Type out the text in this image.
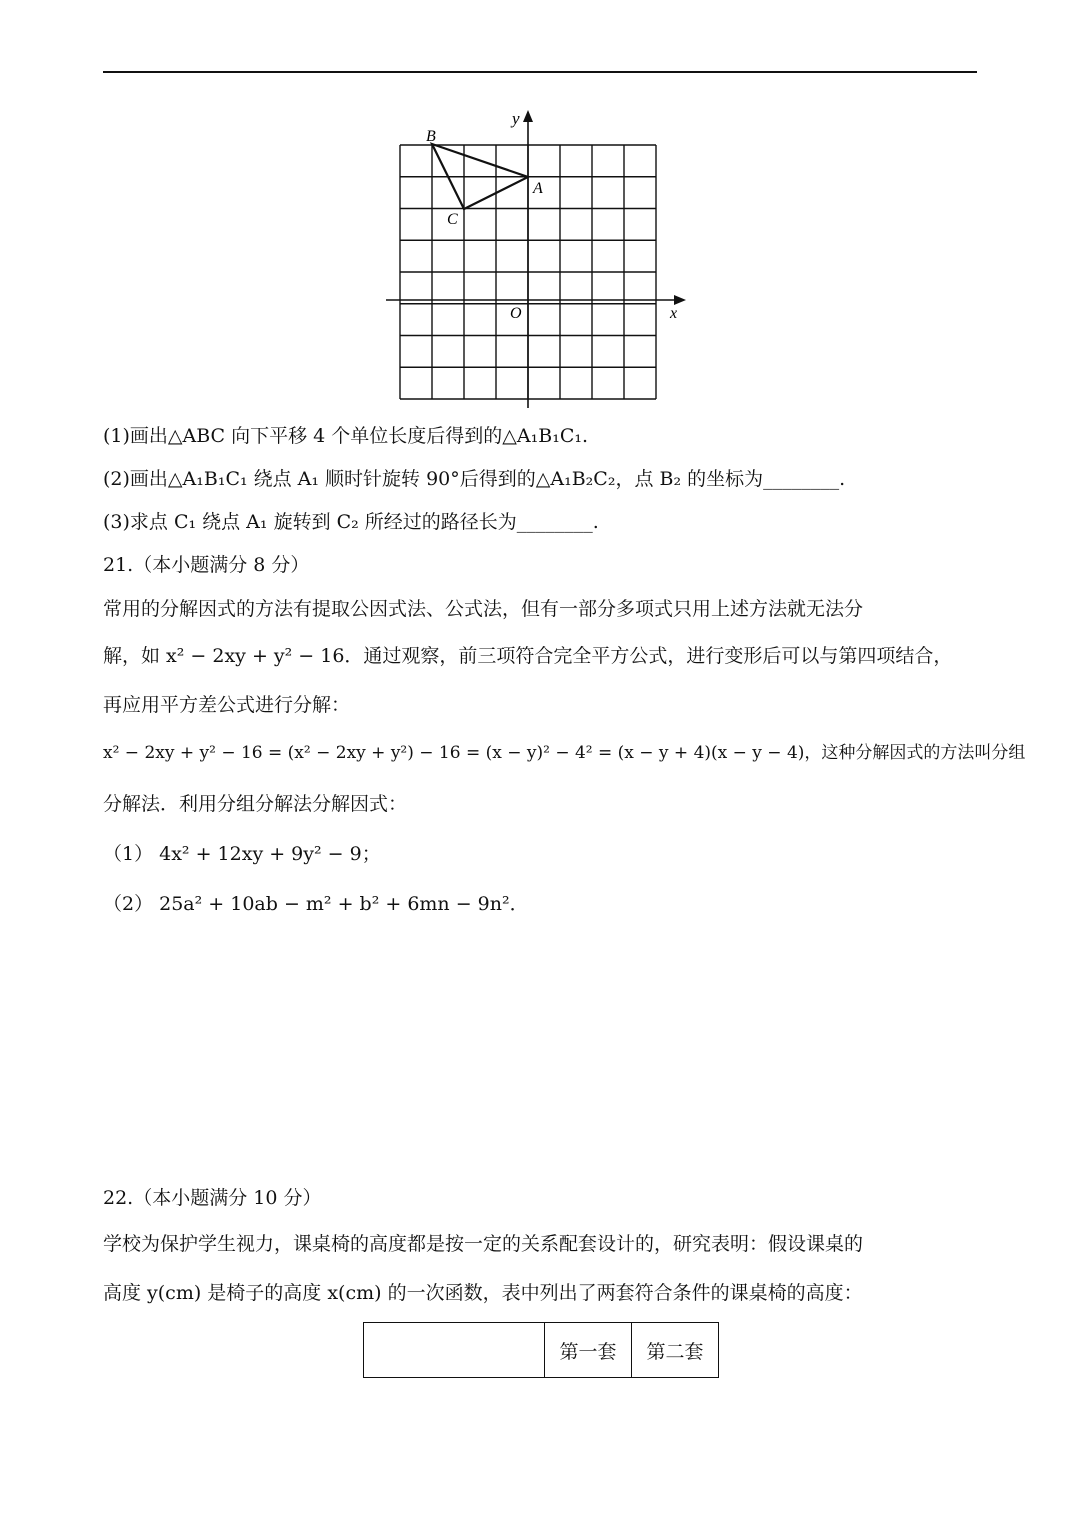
x
y
O
A
B
C
(1)画出△ABC 向下平移 4 个单位长度后得到的△A₁B₁C₁.
(2)画出△A₁B₁C₁ 绕点 A₁ 顺时针旋转 90°后得到的△A₁B₂C₂，点 B₂ 的坐标为________.
(3)求点 C₁ 绕点 A₁ 旋转到 C₂ 所经过的路径长为________.
21.（本小题满分 8 分）
常用的分解因式的方法有提取公因式法、公式法，但有一部分多项式只用上述方法就无法分
解，如 x² − 2xy + y² − 16．通过观察，前三项符合完全平方公式，进行变形后可以与第四项结合，
再应用平方差公式进行分解：
x² − 2xy + y² − 16 = (x² − 2xy + y²) − 16 = (x − y)² − 4² = (x − y + 4)(x − y − 4)，这种分解因式的方法叫分组
分解法．利用分组分解法分解因式：
（1） 4x² + 12xy + 9y² − 9；
（2） 25a² + 10ab − m² + b² + 6mn − 9n²．
22.（本小题满分 10 分）
学校为保护学生视力，课桌椅的高度都是按一定的关系配套设计的，研究表明：假设课桌的
高度 y(cm) 是椅子的高度 x(cm) 的一次函数，表中列出了两套符合条件的课桌椅的高度：
	第一套	第二套
